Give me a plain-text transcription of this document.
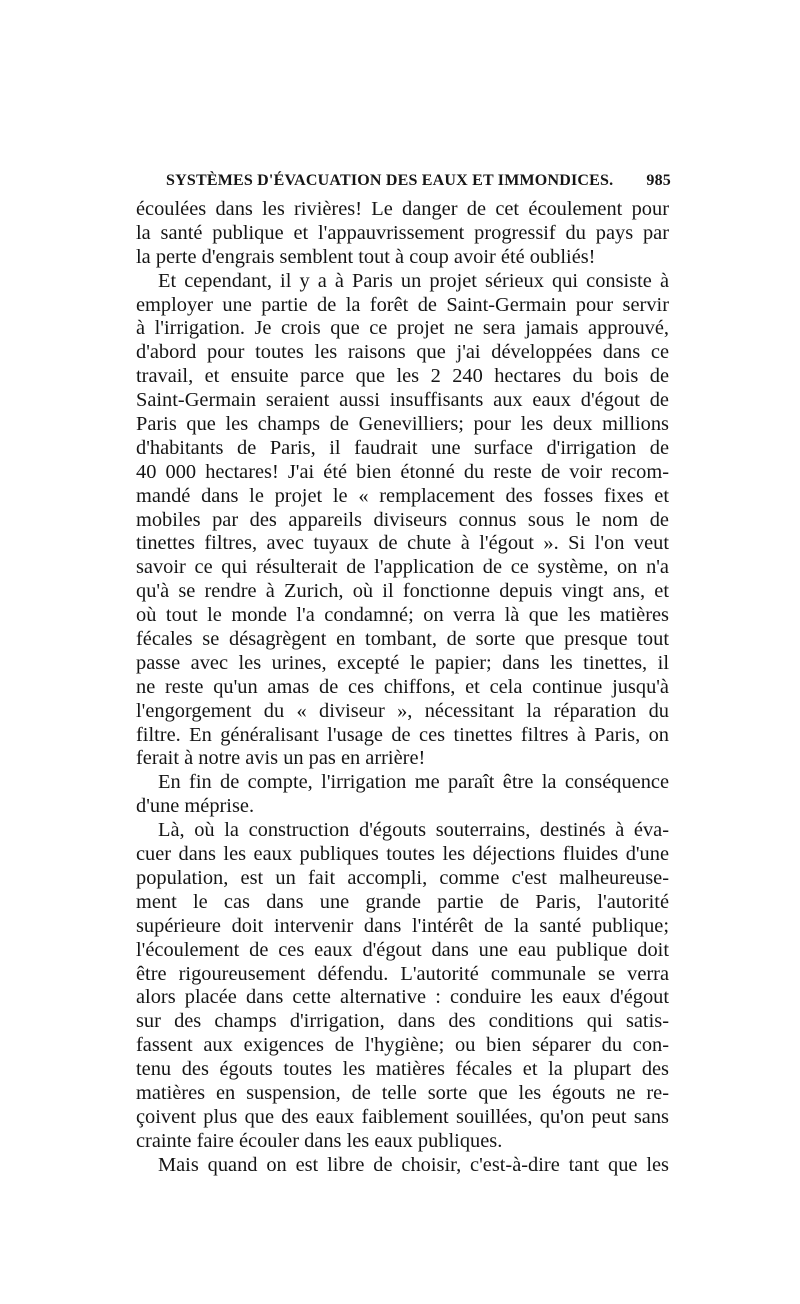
SYSTÈMES D'ÉVACUATION DES EAUX ET IMMONDICES. 985
écoulées dans les rivières! Le danger de cet écoulement pour
la santé publique et l'appauvrissement progressif du pays par
la perte d'engrais semblent tout à coup avoir été oubliés!
Et cependant, il y a à Paris un projet sérieux qui consiste à
employer une partie de la forêt de Saint-Germain pour servir
à l'irrigation. Je crois que ce projet ne sera jamais approuvé,
d'abord pour toutes les raisons que j'ai développées dans ce
travail, et ensuite parce que les 2 240 hectares du bois de
Saint-Germain seraient aussi insuffisants aux eaux d'égout de
Paris que les champs de Genevilliers; pour les deux millions
d'habitants de Paris, il faudrait une surface d'irrigation de
40 000 hectares! J'ai été bien étonné du reste de voir recom-
mandé dans le projet le « remplacement des fosses fixes et
mobiles par des appareils diviseurs connus sous le nom de
tinettes filtres, avec tuyaux de chute à l'égout ». Si l'on veut
savoir ce qui résulterait de l'application de ce système, on n'a
qu'à se rendre à Zurich, où il fonctionne depuis vingt ans, et
où tout le monde l'a condamné; on verra là que les matières
fécales se désagrègent en tombant, de sorte que presque tout
passe avec les urines, excepté le papier; dans les tinettes, il
ne reste qu'un amas de ces chiffons, et cela continue jusqu'à
l'engorgement du « diviseur », nécessitant la réparation du
filtre. En généralisant l'usage de ces tinettes filtres à Paris, on
ferait à notre avis un pas en arrière!
En fin de compte, l'irrigation me paraît être la conséquence
d'une méprise.
Là, où la construction d'égouts souterrains, destinés à éva-
cuer dans les eaux publiques toutes les déjections fluides d'une
population, est un fait accompli, comme c'est malheureuse-
ment le cas dans une grande partie de Paris, l'autorité
supérieure doit intervenir dans l'intérêt de la santé publique;
l'écoulement de ces eaux d'égout dans une eau publique doit
être rigoureusement défendu. L'autorité communale se verra
alors placée dans cette alternative : conduire les eaux d'égout
sur des champs d'irrigation, dans des conditions qui satis-
fassent aux exigences de l'hygiène; ou bien séparer du con-
tenu des égouts toutes les matières fécales et la plupart des
matières en suspension, de telle sorte que les égouts ne re-
çoivent plus que des eaux faiblement souillées, qu'on peut sans
crainte faire écouler dans les eaux publiques.
Mais quand on est libre de choisir, c'est-à-dire tant que les
